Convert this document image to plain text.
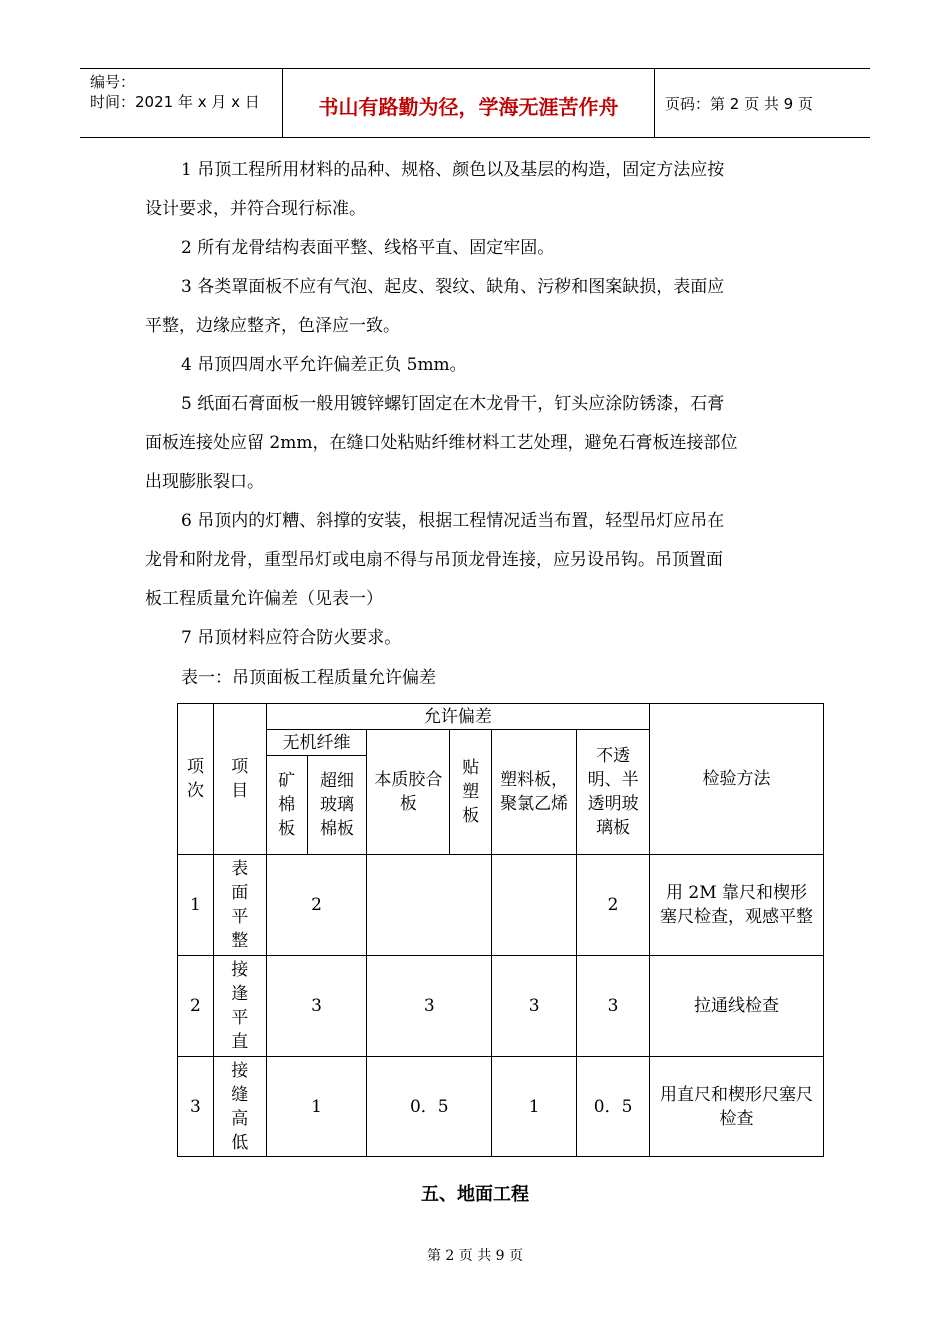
编号：
时间：2021 年 x 月 x 日	书山有路勤为径，学海无涯苦作舟	页码：第 2 页 共 9 页
1 吊顶工程所用材料的品种、规格、颜色以及基层的构造，固定方法应按
设计要求，并符合现行标准。
2 所有龙骨结构表面平整、线格平直、固定牢固。
3 各类罩面板不应有气泡、起皮、裂纹、缺角、污秽和图案缺损，表面应
平整，边缘应整齐，色泽应一致。
4 吊顶四周水平允许偏差正负 5mm。
5 纸面石膏面板一般用镀锌螺钉固定在木龙骨干，钉头应涂防锈漆，石膏
面板连接处应留 2mm，在缝口处粘贴纤维材料工艺处理，避免石膏板连接部位
出现膨胀裂口。
6 吊顶内的灯糟、斜撑的安装，根据工程情况适当布置，轻型吊灯应吊在
龙骨和附龙骨，重型吊灯或电扇不得与吊顶龙骨连接，应另设吊钩。吊顶置面
板工程质量允许偏差（见表一）
7 吊顶材料应符合防火要求。
表一：吊顶面板工程质量允许偏差
项次	项目	允许偏差						检验方法
		无机纤维		本质胶合板	贴塑板	塑料板，聚氯乙烯	不透明、半透明玻璃板	
		矿棉板	超细玻璃棉板					
1	表面平整	2					2	用 2M 靠尺和楔形塞尺检查，观感平整
2	接逢平直	3		3		3	3	拉通线检查
3	接缝高低	1		0．5		1	0．5	用直尺和楔形尺塞尺检查
五、地面工程
第 2 页 共 9 页
